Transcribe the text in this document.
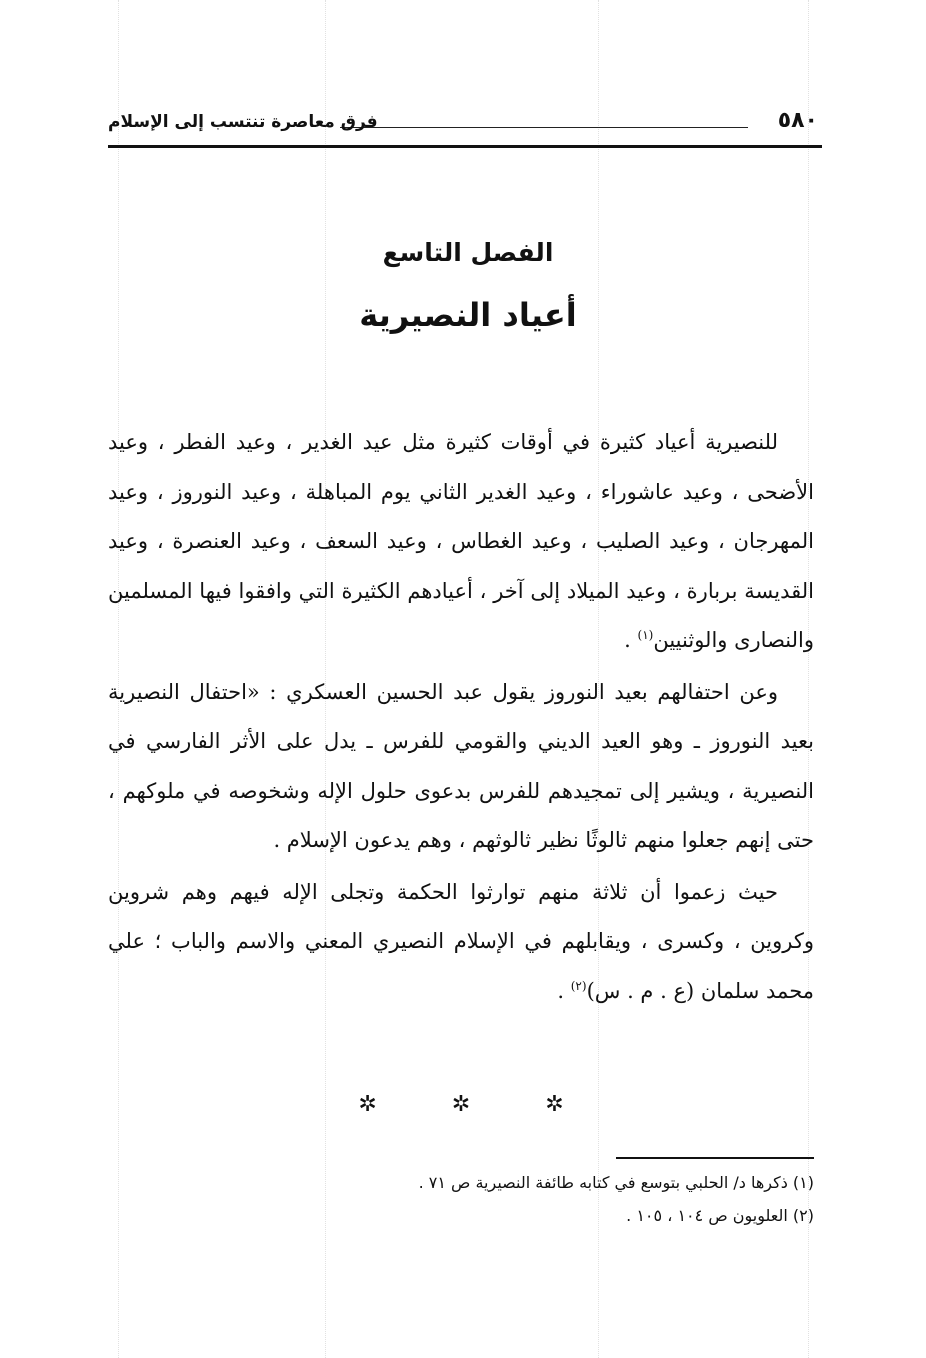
٥٨٠
فرق معاصرة تنتسب إلى الإسلام
الفصل التاسع
أعياد النصيرية

للنصيرية أعياد كثيرة في أوقات كثيرة مثل عيد الغدير ، وعيد الفطر ، وعيد الأضحى ، وعيد عاشوراء ، وعيد الغدير الثاني يوم المباهلة ، وعيد النوروز ، وعيد المهرجان ، وعيد الصليب ، وعيد الغطاس ، وعيد السعف ، وعيد العنصرة ، وعيد القديسة بربارة ، وعيد الميلاد إلى آخر ، أعيادهم الكثيرة التي وافقوا فيها المسلمين والنصارى والوثنيين$^{(١)}$ .

وعن احتفالهم بعيد النوروز يقول عبد الحسين العسكري : «احتفال النصيرية بعيد النوروز ـ وهو العيد الديني والقومي للفرس ـ يدل على الأثر الفارسي في النصيرية ، ويشير إلى تمجيدهم للفرس بدعوى حلول الإله وشخوصه في ملوكهم ، حتى إنهم جعلوا منهم ثالوثًا نظير ثالوثهم ، وهم يدعون الإسلام .

حيث زعموا أن ثلاثة منهم توارثوا الحكمة وتجلى الإله فيهم وهم شروين وكروين ، وكسرى ، ويقابلهم في الإسلام النصيري المعني والاسم والباب ؛ علي محمد سلمان (ع . م . س)$^{(٢)}$ .

✲ ✲ ✲

(١) ذكرها د/ الحلبي بتوسع في كتابه طائفة النصيرية ص ٧١ .

(٢) العلويون ص ١٠٤ ، ١٠٥ .
